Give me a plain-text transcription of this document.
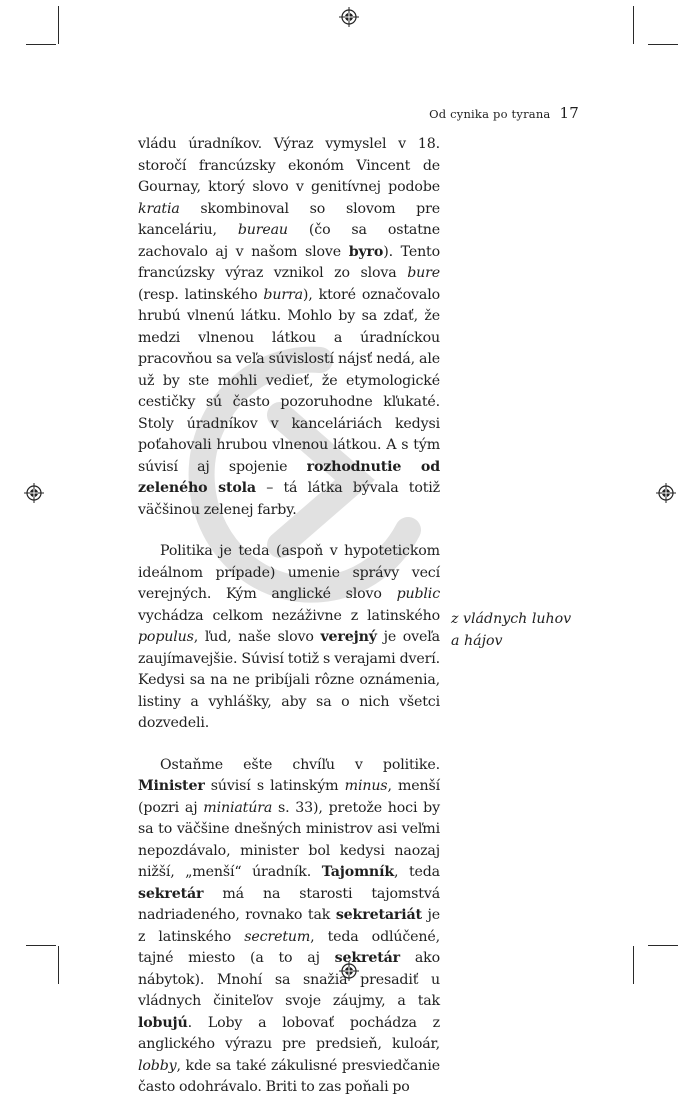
Od cynika po tyrana 17

vládu úradníkov. Výraz vymyslel v 18. storočí francúzsky ekonóm Vincent de Gournay, ktorý slovo v genitívnej podobe kratia skombinoval so slovom pre kanceláriu, bureau (čo sa ostatne zachovalo aj v našom slove byro). Tento francúzsky výraz vznikol zo slova bure (resp. latinského burra), ktoré označovalo hrubú vlnenú látku. Mohlo by sa zdať, že medzi vlnenou látkou a úradníckou pracovňou sa veľa súvislostí nájsť nedá, ale už by ste mohli vedieť, že etymologické cestičky sú často pozoruhodne kľukaté. Stoly úradníkov v kanceláriách kedysi poťahovali hrubou vlnenou látkou. A s tým súvisí aj spojenie rozhodnutie od zeleného stola – tá látka bývala totiž väčšinou zelenej farby.

Politika je teda (aspoň v hypotetickom ideálnom prípade) umenie správy vecí verejných. Kým anglické slovo public vychádza celkom nezáživne z latinského populus, ľud, naše slovo verejný je oveľa zaujímavejšie. Súvisí totiž s verajami dverí. Kedysi sa na ne pribíjali rôzne oznámenia, listiny a vyhlášky, aby sa o nich všetci dozvedeli.

Ostaňme ešte chvíľu v politike. Minister súvisí s latinským minus, menší (pozri aj miniatúra s. 33), pretože hoci by sa to väčšine dnešných ministrov asi veľmi nepozdávalo, minister bol kedysi naozaj nižší, „menší“ úradník. Tajomník, teda sekretár má na starosti tajomstvá nadriadeného, rovnako tak sekretariát je z latinského secretum, teda odlúčené, tajné miesto (a to aj sekretár ako nábytok). Mnohí sa snažia presadiť u vládnych činiteľov svoje záujmy, a tak lobujú. Loby a lobovať pochádza z anglického výrazu pre predsieň, kuloár, lobby, kde sa také zákulisné presviedčanie často odohrávalo. Briti to zas poňali po

z vládnych luhov
a hájov
